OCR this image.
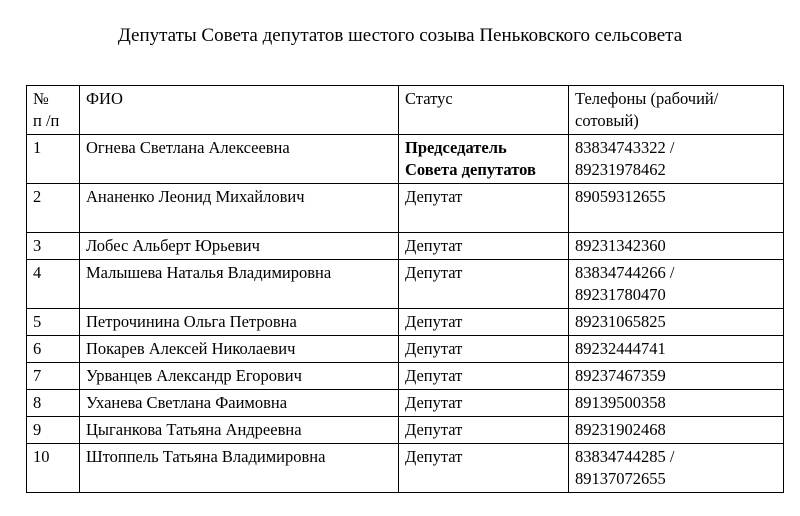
Депутаты Совета депутатов шестого созыва Пеньковского сельсовета
№
п /п	ФИО	Статус	Телефоны (рабочий/
сотовый)

1	Огнева Светлана Алексеевна	Председатель
Совета депутатов	83834743322 /
89231978462

2	Ананенко Леонид Михайлович	Депутат	89059312655
3	Лобес Альберт Юрьевич	Депутат	89231342360
4	Малышева Наталья Владимировна	Депутат	83834744266 /
89231780470

5	Петрочинина Ольга Петровна	Депутат	89231065825
6	Покарев Алексей Николаевич	Депутат	89232444741
7	Урванцев Александр Егорович	Депутат	89237467359
8	Уханева Светлана Фаимовна	Депутат	89139500358
9	Цыганкова Татьяна Андреевна	Депутат	89231902468
10	Штоппель Татьяна Владимировна	Депутат	83834744285 /
89137072655
